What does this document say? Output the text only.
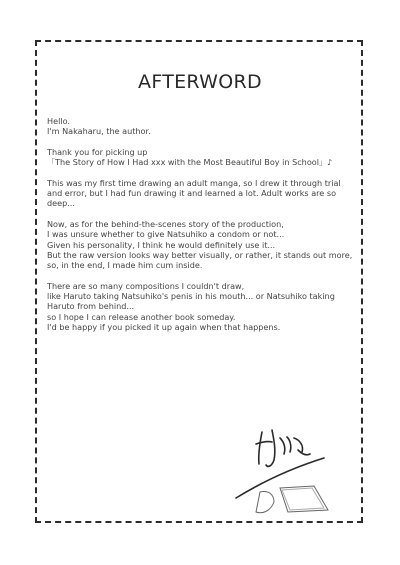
AFTERWORD

Hello.
I'm Nakaharu, the author.

Thank you for picking up
「The Story of How I Had xxx with the Most Beautiful Boy in School」♪

This was my first time drawing an adult manga, so I drew it through trial and error, but I had fun drawing it and learned a lot. Adult works are so deep...

Now, as for the behind-the-scenes story of the production,
I was unsure whether to give Natsuhiko a condom or not...
Given his personality, I think he would definitely use it...
But the raw version looks way better visually, or rather, it stands out more,
so, in the end, I made him cum inside.

There are so many compositions I couldn't draw,
like Haruto taking Natsuhiko's penis in his mouth... or Natsuhiko taking Haruto from behind...
so I hope I can release another book someday.
I'd be happy if you picked it up again when that happens.
